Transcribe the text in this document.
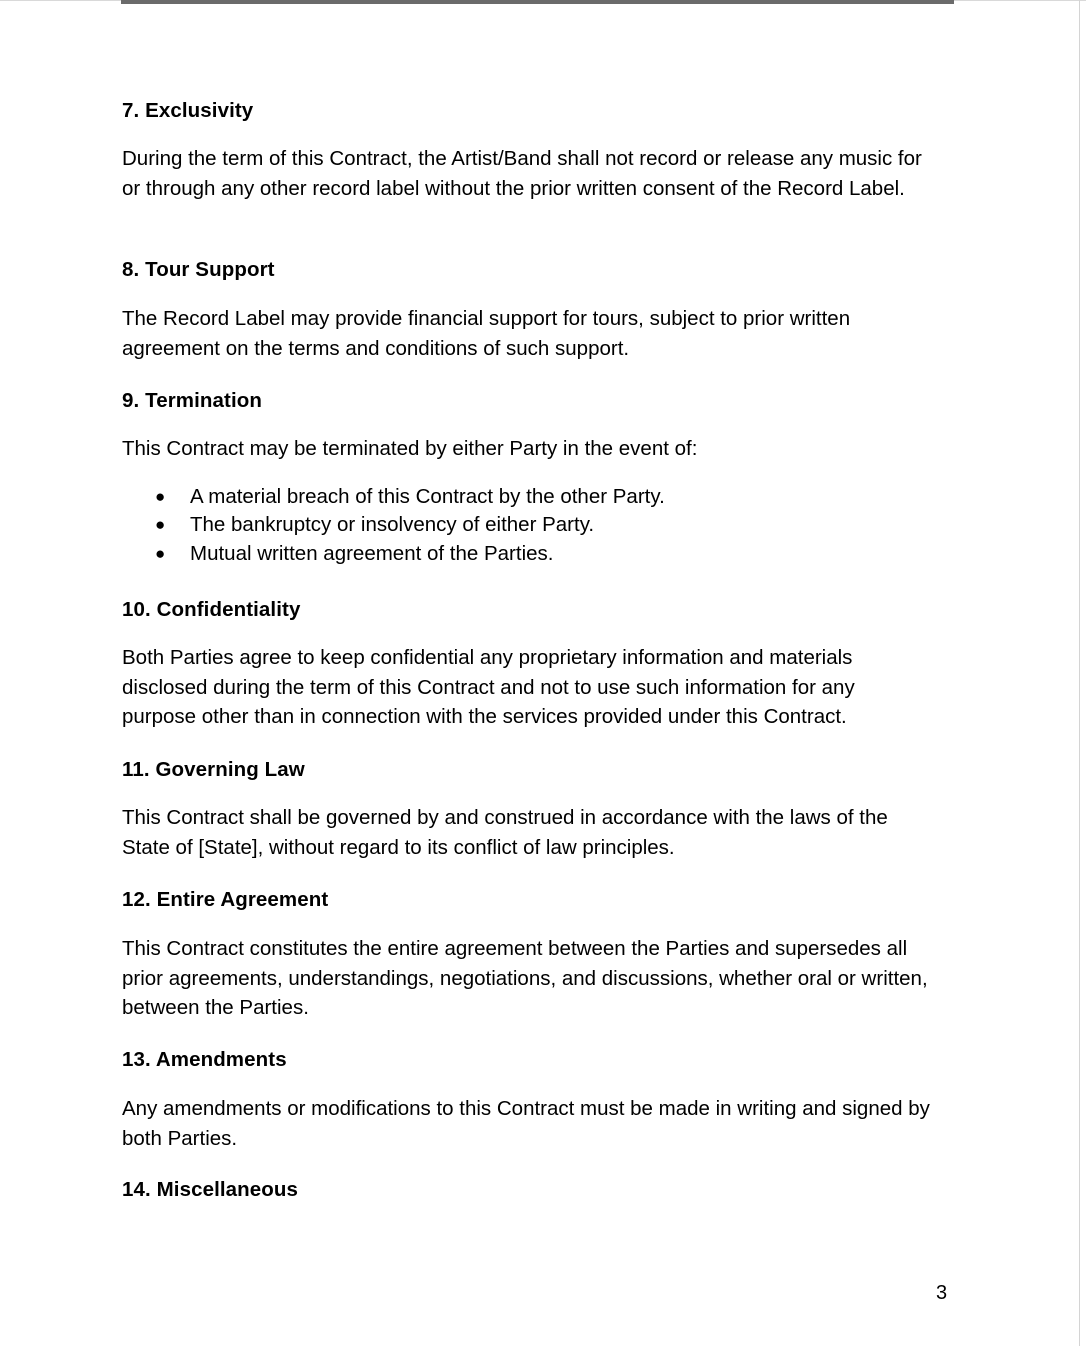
7. Exclusivity

During the term of this Contract, the Artist/Band shall not record or release any music for or through any other record label without the prior written consent of the Record Label.

8. Tour Support

The Record Label may provide financial support for tours, subject to prior written agreement on the terms and conditions of such support.

9. Termination

This Contract may be terminated by either Party in the event of:

● A material breach of this Contract by the other Party.
● The bankruptcy or insolvency of either Party.
● Mutual written agreement of the Parties.
10. Confidentiality

Both Parties agree to keep confidential any proprietary information and materials disclosed during the term of this Contract and not to use such information for any purpose other than in connection with the services provided under this Contract.

11. Governing Law

This Contract shall be governed by and construed in accordance with the laws of the State of [State], without regard to its conflict of law principles.

12. Entire Agreement

This Contract constitutes the entire agreement between the Parties and supersedes all prior agreements, understandings, negotiations, and discussions, whether oral or written, between the Parties.

13. Amendments

Any amendments or modifications to this Contract must be made in writing and signed by both Parties.

14. Miscellaneous
3
